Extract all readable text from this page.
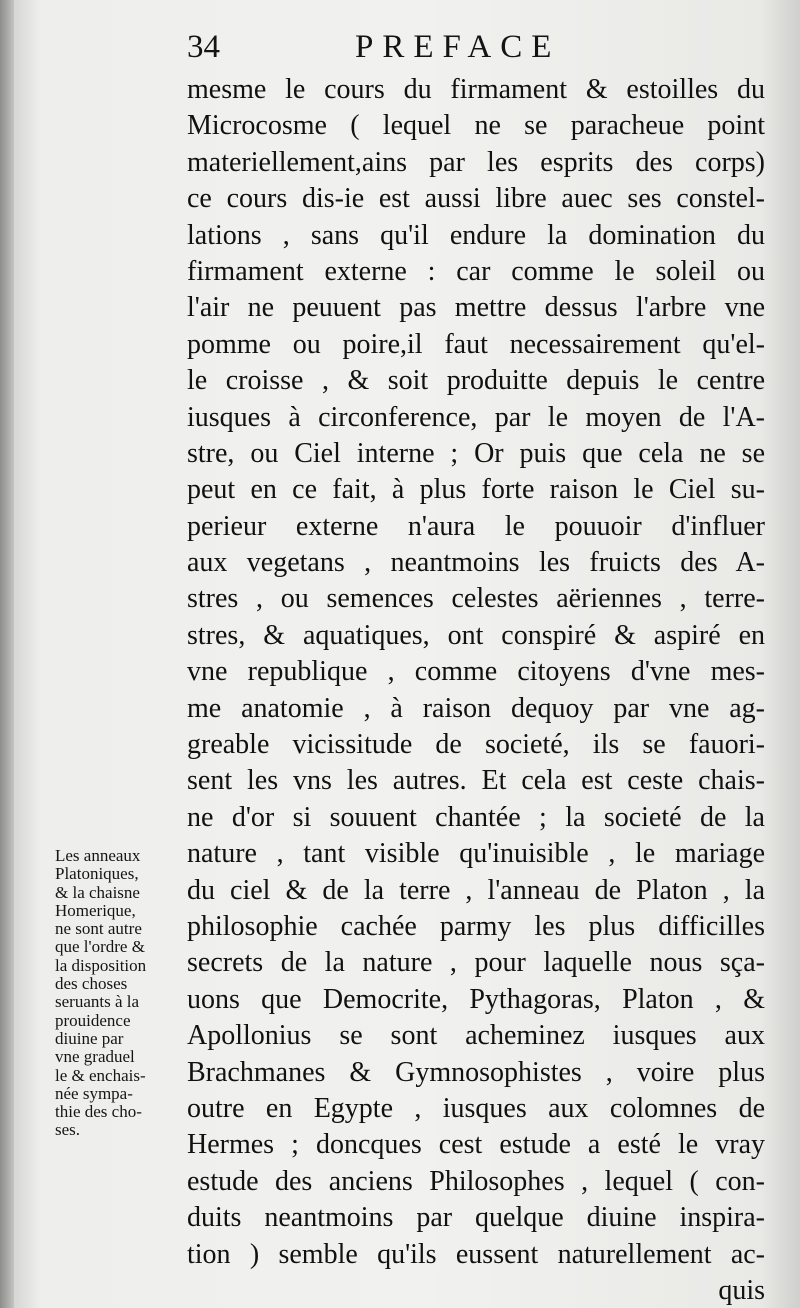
34	PREFACE
mesme le cours du firmament & estoilles du
Microcosme ( lequel ne se paracheue point
materiellement,ains par les esprits des corps)
ce cours dis-ie est aussi libre auec ses constel-
lations , sans qu'il endure la domination du
firmament externe : car comme le soleil ou
l'air ne peuuent pas mettre dessus l'arbre vne
pomme ou poire,il faut necessairement qu'el-
le croisse , & soit produitte depuis le centre
iusques à circonference, par le moyen de l'A-
stre, ou Ciel interne ; Or puis que cela ne se
peut en ce fait, à plus forte raison le Ciel su-
perieur externe n'aura le pouuoir d'influer
aux vegetans , neantmoins les fruicts des A-
stres , ou semences celestes aëriennes , terre-
stres, & aquatiques, ont conspiré & aspiré en
vne republique , comme citoyens d'vne mes-
me anatomie , à raison dequoy par vne ag-
greable vicissitude de societé, ils se fauori-
sent les vns les autres. Et cela est ceste chais-
ne d'or si souuent chantée ; la societé de la
nature , tant visible qu'inuisible , le mariage
du ciel & de la terre , l'anneau de Platon , la
philosophie cachée parmy les plus difficilles
secrets de la nature , pour laquelle nous sça-
uons que Democrite, Pythagoras, Platon , &
Apollonius se sont acheminez iusques aux
Brachmanes & Gymnosophistes , voire plus
outre en Egypte , iusques aux colomnes de
Hermes ; doncques cest estude a esté le vray
estude des anciens Philosophes , lequel ( con-
duits neantmoins par quelque diuine inspira-
tion ) semble qu'ils eussent naturellement ac-
quis
Les anneaux
Platoniques,
& la chaisne
Homerique,
ne sont autre
que l'ordre &
la disposition
des choses
seruants à la
prouidence
diuine par
vne graduel
le & enchais-
née sympa-
thie des cho-
ses.
